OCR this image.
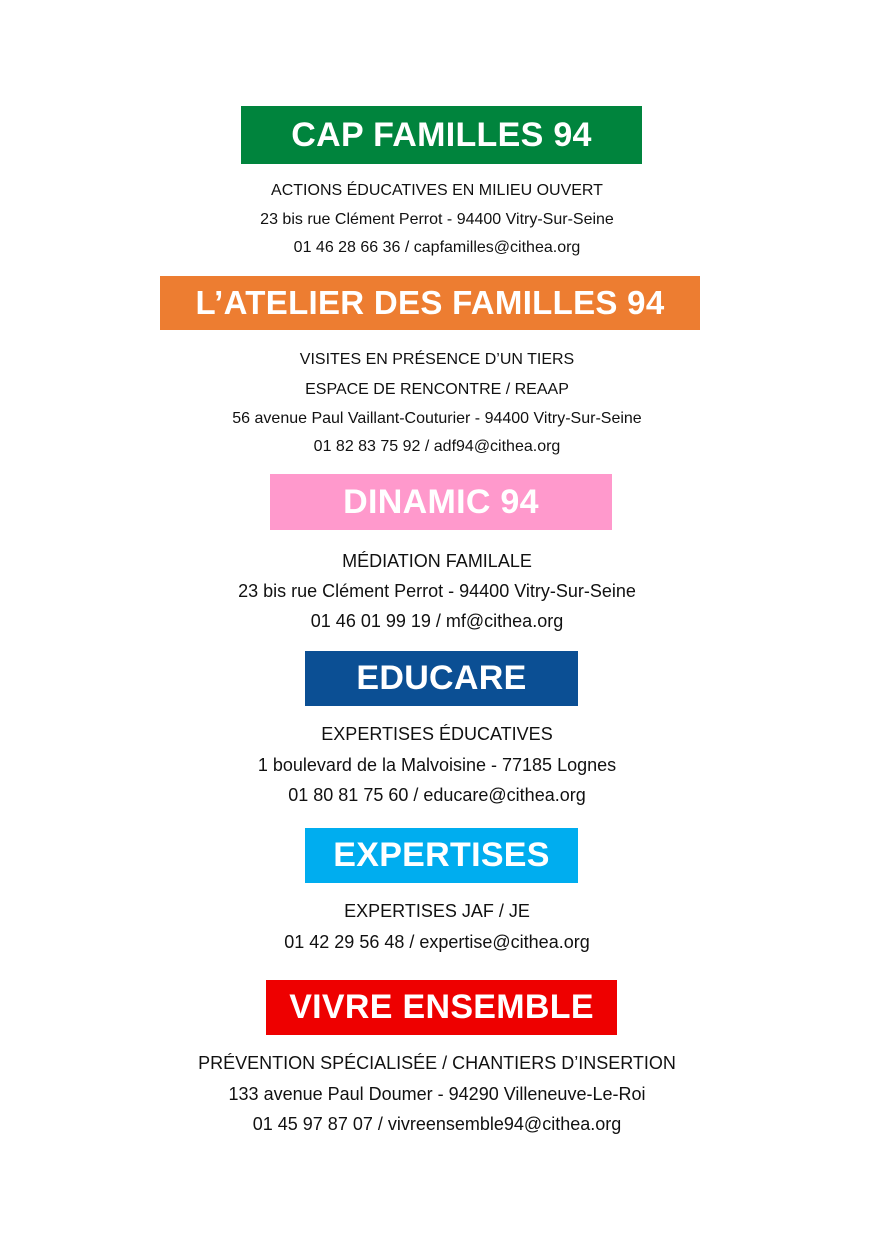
CAP FAMILLES 94
ACTIONS ÉDUCATIVES EN MILIEU OUVERT
23 bis rue Clément Perrot - 94400 Vitry-Sur-Seine
01 46 28 66 36 / capfamilles@cithea.org
L’ATELIER DES FAMILLES 94
VISITES EN PRÉSENCE D’UN TIERS
ESPACE DE RENCONTRE / REAAP
56 avenue Paul Vaillant-Couturier - 94400 Vitry-Sur-Seine
01 82 83 75 92 / adf94@cithea.org
DINAMIC 94
MÉDIATION FAMILALE
23 bis rue Clément Perrot - 94400 Vitry-Sur-Seine
01 46 01 99 19 / mf@cithea.org
EDUCARE
EXPERTISES ÉDUCATIVES
1 boulevard de la Malvoisine - 77185 Lognes
01 80 81 75 60 / educare@cithea.org
EXPERTISES
EXPERTISES JAF / JE
01 42 29 56 48 / expertise@cithea.org
VIVRE ENSEMBLE
PRÉVENTION SPÉCIALISÉE / CHANTIERS D’INSERTION
133 avenue Paul Doumer - 94290 Villeneuve-Le-Roi
01 45 97 87 07 / vivreensemble94@cithea.org
